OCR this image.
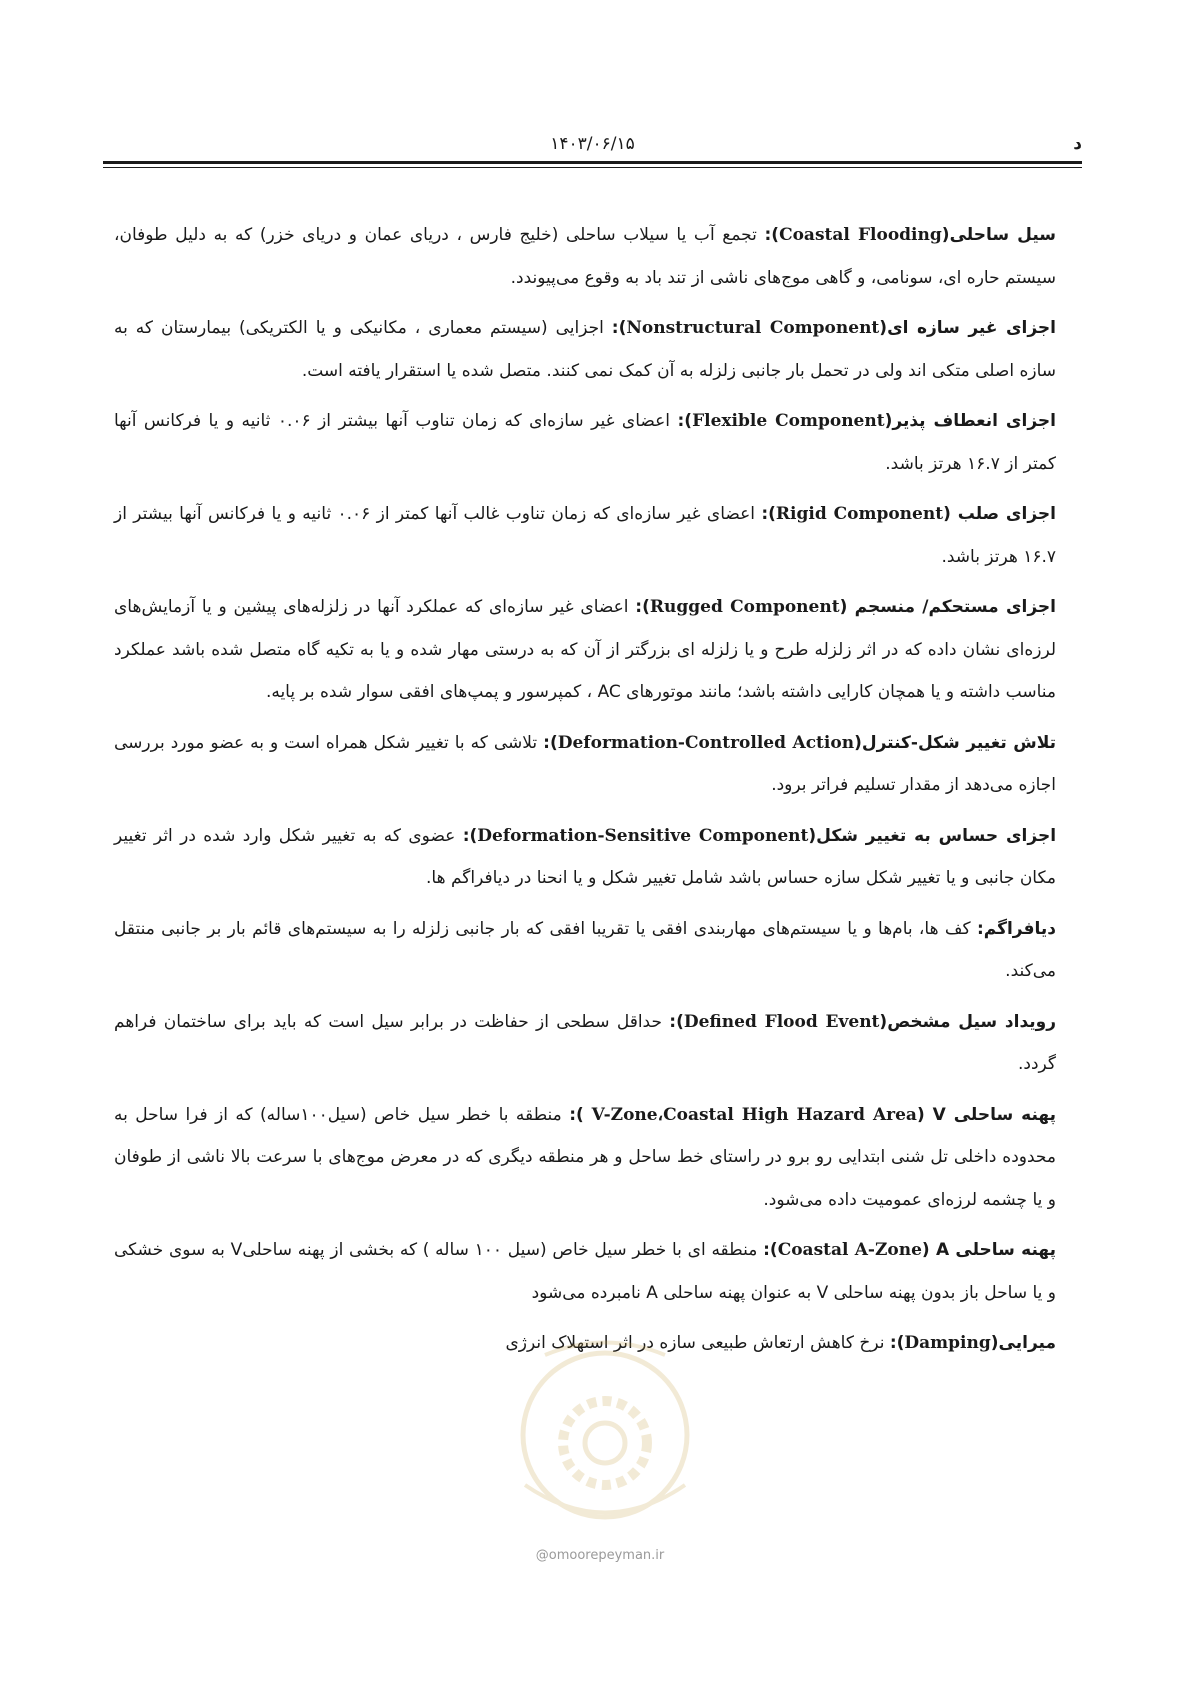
د
۱۴۰۳/۰۶/۱۵

سیل ساحلی(Coastal Flooding): تجمع آب یا سیلاب ساحلی (خلیج فارس ، دریای عمان و دریای خزر) که به دلیل طوفان، سیستم حاره ای، سونامی، و گاهی موج‌های ناشی از تند باد به وقوع می‌پیوندد.

اجزای غیر سازه ای(Nonstructural Component): اجزایی (سیستم معماری ، مکانیکی و یا الکتریکی) بیمارستان که به سازه اصلی متکی اند ولی در تحمل بار جانبی زلزله به آن کمک نمی کنند. متصل شده یا استقرار یافته است.

اجزای انعطاف پذیر(Flexible Component): اعضای غیر سازه‌ای که زمان تناوب آنها بیشتر از ۰.۰۶ ثانیه و یا فرکانس آنها کمتر از ۱۶.۷ هرتز باشد.

اجزای صلب (Rigid Component): اعضای غیر سازه‌ای که زمان تناوب غالب آنها کمتر از ۰.۰۶ ثانیه و یا فرکانس آنها بیشتر از ۱۶.۷ هرتز باشد.

اجزای مستحکم/ منسجم (Rugged Component): اعضای غیر سازه‌ای که عملکرد آنها در زلزله‌های پیشین و یا آزمایش‌های لرزه‌ای نشان داده که در اثر زلزله طرح و یا زلزله ای بزرگتر از آن که به درستی مهار شده و یا به تکیه گاه متصل شده باشد عملکرد مناسب داشته و یا همچان کارایی داشته باشد؛ مانند موتورهای AC ، کمپرسور و پمپ‌های افقی سوار شده بر پایه.

تلاش تغییر شکل-کنترل(Deformation-Controlled Action): تلاشی که با تغییر شکل همراه است و به عضو مورد بررسی اجازه می‌دهد از مقدار تسلیم فراتر برود.

اجزای حساس به تغییر شکل(Deformation-Sensitive Component): عضوی که به تغییر شکل وارد شده در اثر تغییر مکان جانبی و یا تغییر شکل سازه حساس باشد شامل تغییر شکل و یا انحنا در دیافراگم ها.

دیافراگم: کف ها، بام‌ها و یا سیستم‌های مهاربندی افقی یا تقریبا افقی که بار جانبی زلزله را به سیستم‌های قائم بار بر جانبی منتقل می‌کند.

رویداد سیل مشخص(Defined Flood Event): حداقل سطحی از حفاظت در برابر سیل است که باید برای ساختمان فراهم گردد.

پهنه ساحلی V (V-Zone،Coastal High Hazard Area ): منطقه با خطر سیل خاص (سیل۱۰۰ساله) که از فرا ساحل به محدوده داخلی تل شنی ابتدایی رو برو در راستای خط ساحل و هر منطقه دیگری که در معرض موج‌های با سرعت بالا ناشی از طوفان و یا چشمه لرزه‌ای عمومیت داده می‌شود.

پهنه ساحلی A (Coastal A-Zone): منطقه ای با خطر سیل خاص (سیل ۱۰۰ ساله ) که بخشی از پهنه ساحلیV به سوی خشکی و یا ساحل باز بدون پهنه ساحلی V به عنوان پهنه ساحلی A نامبرده می‌شود

میرایی(Damping): نرخ کاهش ارتعاش طبیعی سازه در اثر استهلاک انرژی

@omoorepeyman.ir
